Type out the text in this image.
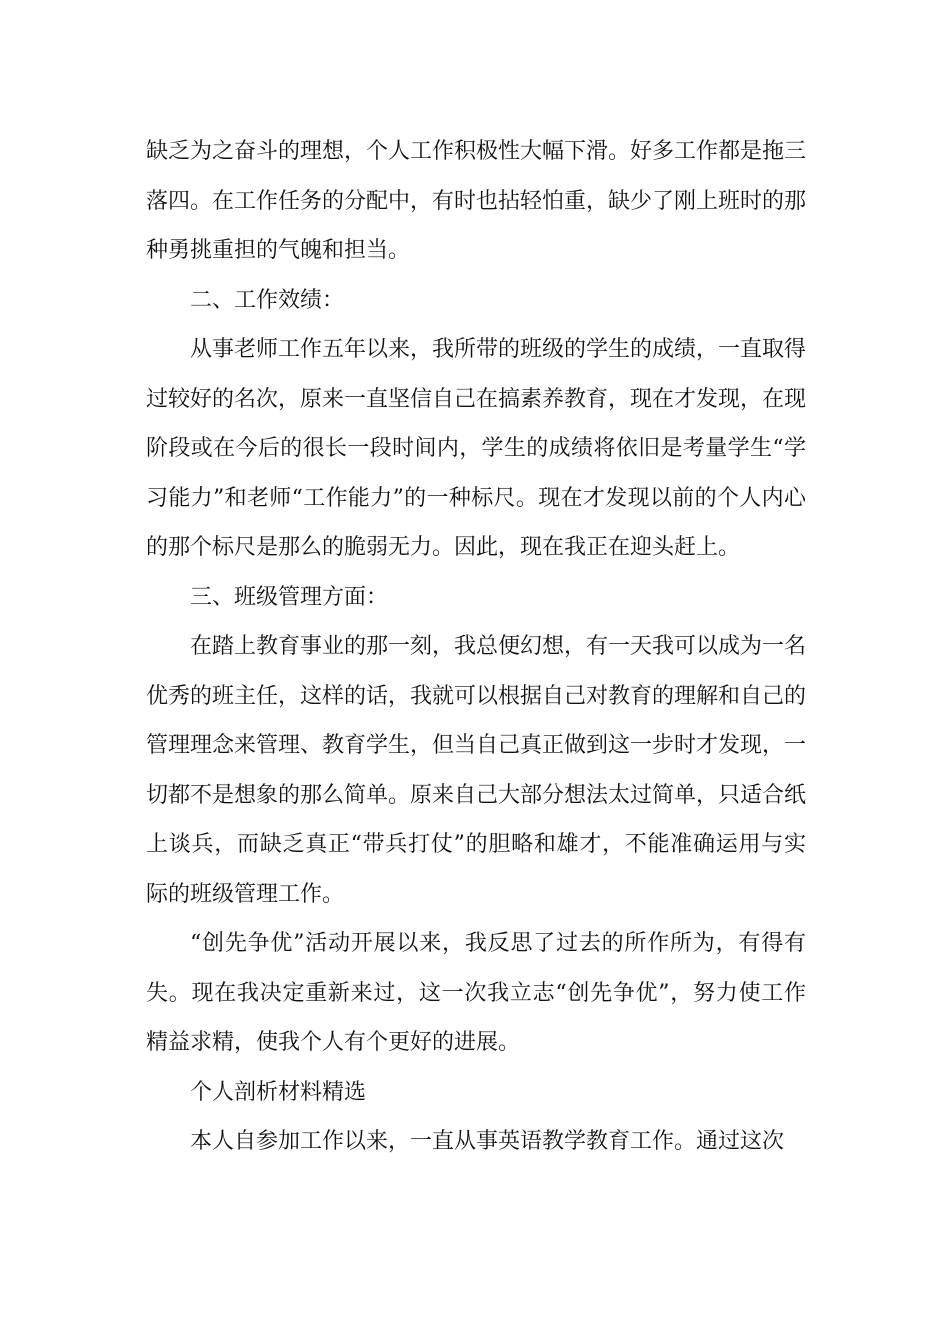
缺乏为之奋斗的理想，个人工作积极性大幅下滑。好多工作都是拖三落四。在工作任务的分配中，有时也拈轻怕重，缺少了刚上班时的那种勇挑重担的气魄和担当。

二、工作效绩：

从事老师工作五年以来，我所带的班级的学生的成绩，一直取得过较好的名次，原来一直坚信自己在搞素养教育，现在才发现，在现阶段或在今后的很长一段时间内，学生的成绩将依旧是考量学生“学习能力”和老师“工作能力”的一种标尺。现在才发现以前的个人内心的那个标尺是那么的脆弱无力。因此，现在我正在迎头赶上。

三、班级管理方面：

在踏上教育事业的那一刻，我总便幻想，有一天我可以成为一名优秀的班主任，这样的话，我就可以根据自己对教育的理解和自己的管理理念来管理、教育学生，但当自己真正做到这一步时才发现，一切都不是想象的那么简单。原来自己大部分想法太过简单，只适合纸上谈兵，而缺乏真正“带兵打仗”的胆略和雄才，不能准确运用与实际的班级管理工作。

“创先争优”活动开展以来，我反思了过去的所作所为，有得有失。现在我决定重新来过，这一次我立志“创先争优”，努力使工作精益求精，使我个人有个更好的进展。

个人剖析材料精选

本人自参加工作以来，一直从事英语教学教育工作。通过这次
